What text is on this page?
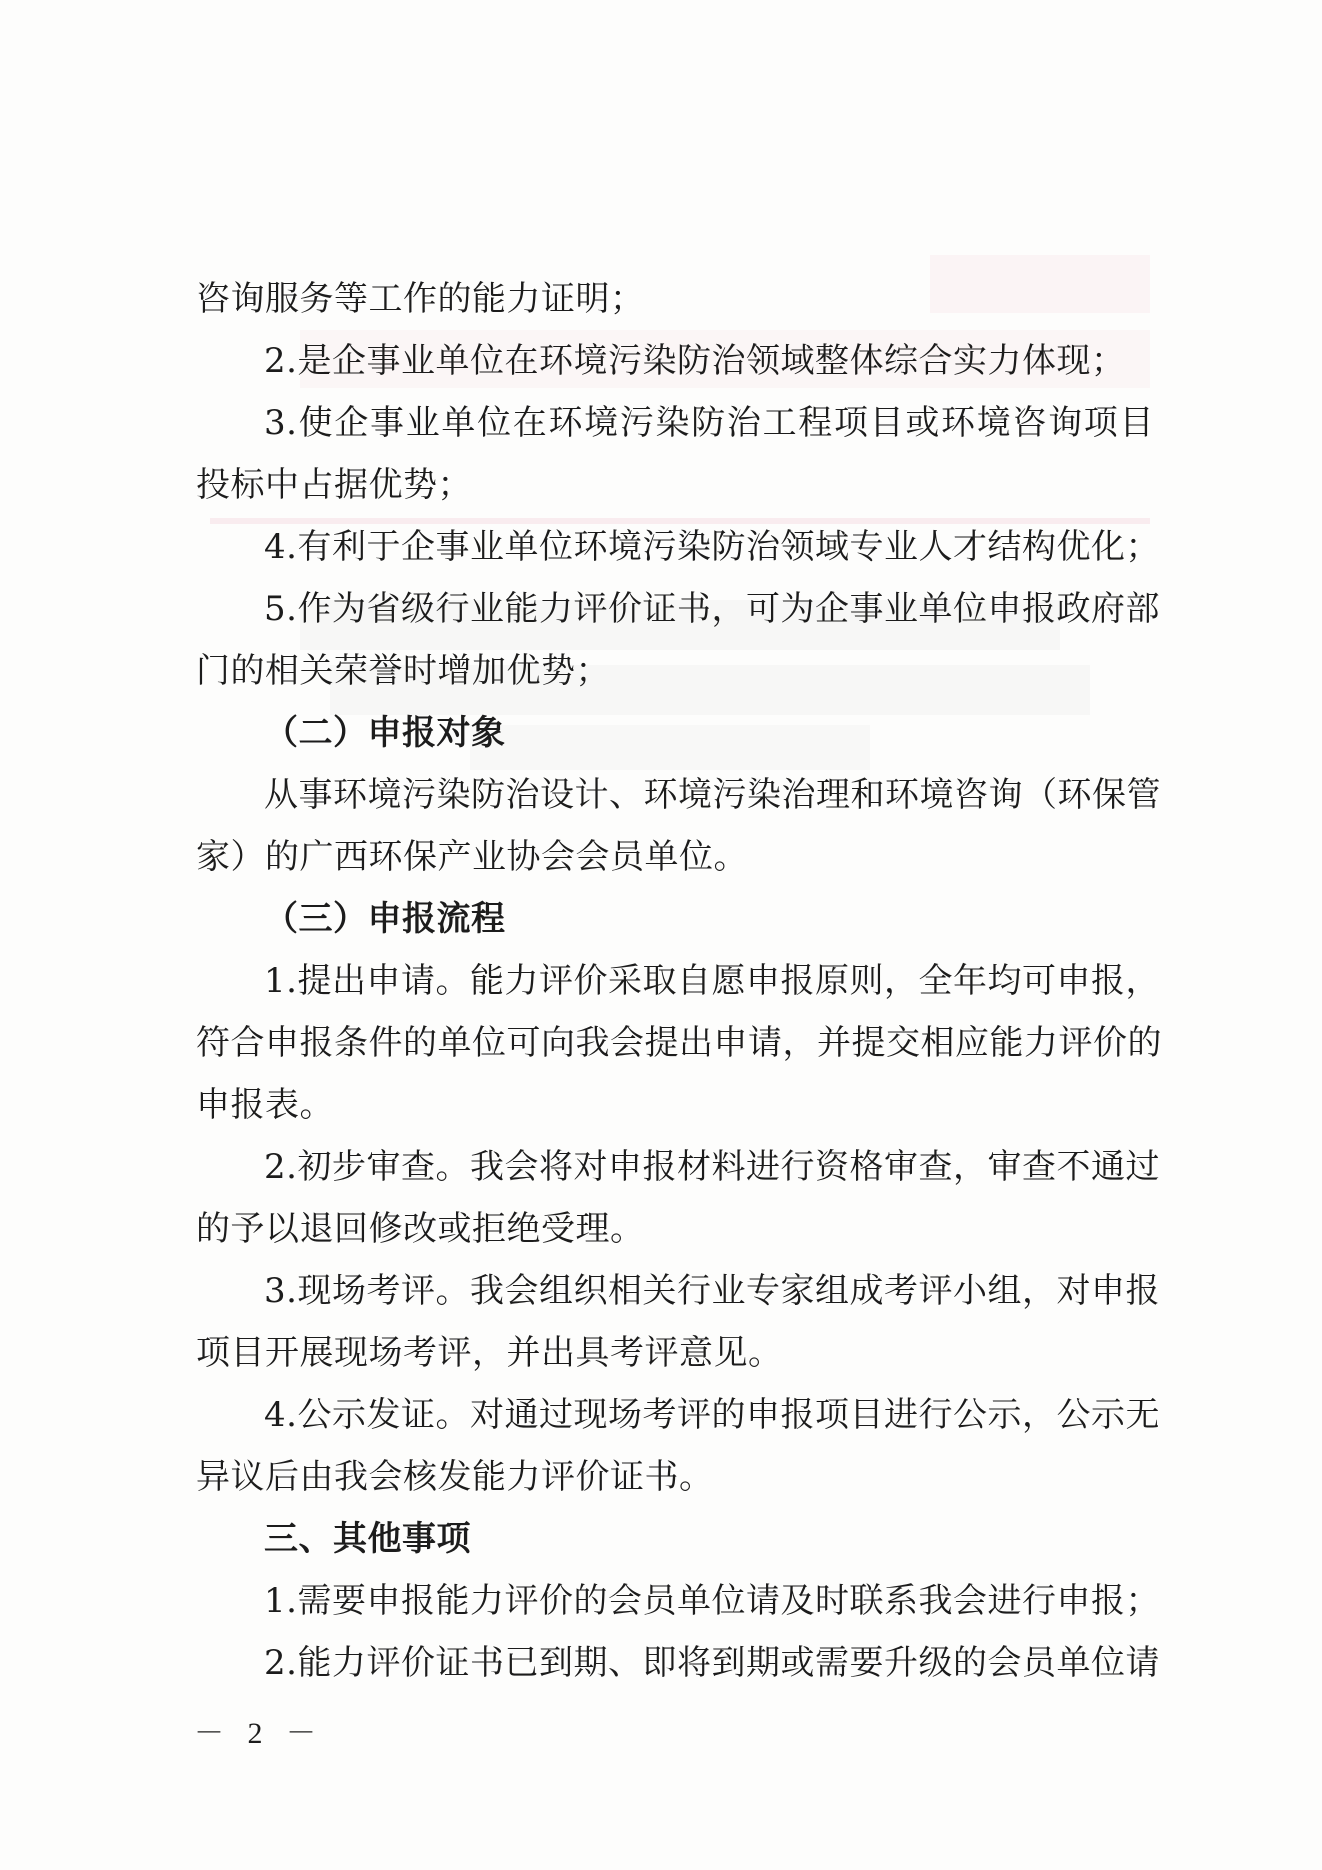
咨询服务等工作的能力证明；
2.是企事业单位在环境污染防治领域整体综合实力体现；
3.使企事业单位在环境污染防治工程项目或环境咨询项目
投标中占据优势；
4.有利于企事业单位环境污染防治领域专业人才结构优化；
5.作为省级行业能力评价证书，可为企事业单位申报政府部
门的相关荣誉时增加优势；
（二）申报对象
从事环境污染防治设计、环境污染治理和环境咨询（环保管
家）的广西环保产业协会会员单位。
（三）申报流程
1.提出申请。能力评价采取自愿申报原则，全年均可申报，
符合申报条件的单位可向我会提出申请，并提交相应能力评价的
申报表。
2.初步审查。我会将对申报材料进行资格审查，审查不通过
的予以退回修改或拒绝受理。
3.现场考评。我会组织相关行业专家组成考评小组，对申报
项目开展现场考评，并出具考评意见。
4.公示发证。对通过现场考评的申报项目进行公示，公示无
异议后由我会核发能力评价证书。
三、其他事项
1.需要申报能力评价的会员单位请及时联系我会进行申报；
2.能力评价证书已到期、即将到期或需要升级的会员单位请
－ 2 －
